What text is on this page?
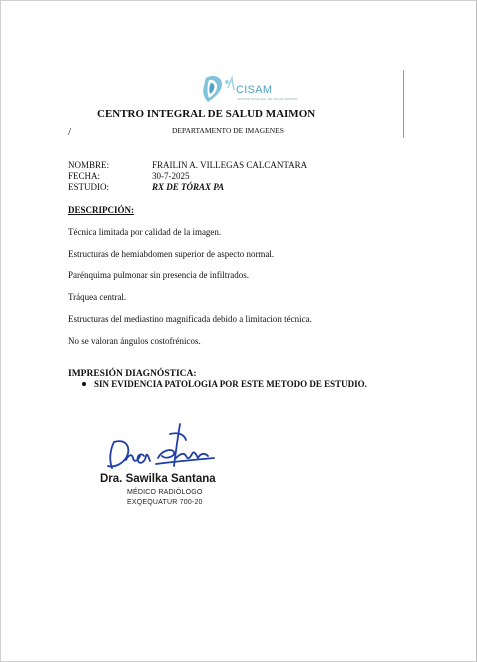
CISAM
CENTRO INTEGRAL DE SALUD MAIMON
CENTRO INTEGRAL DE SALUD MAIMON
/	DEPARTAMENTO DE IMAGENES
NOMBRE:	FRAILIN A. VILLEGAS CALCANTARA
FECHA:	30-7-2025
ESTUDIO:	RX DE TÓRAX PA
DESCRIPCIÓN:
Técnica limitada por calidad de la imagen.
Estructuras de hemiabdomen superior de aspecto normal.
Parénquima pulmonar sin presencia de infiltrados.
Tráquea central.
Estructuras del mediastino magnificada debido a limitacion técnica.
No se valoran ángulos costofrénicos.
IMPRESIÓN DIAGNÓSTICA:
SIN EVIDENCIA PATOLOGIA POR ESTE METODO DE ESTUDIO.
Dra. Sawilka Santana
MÉDICO RADIÓLOGO
EXQEQUATUR 700-20
